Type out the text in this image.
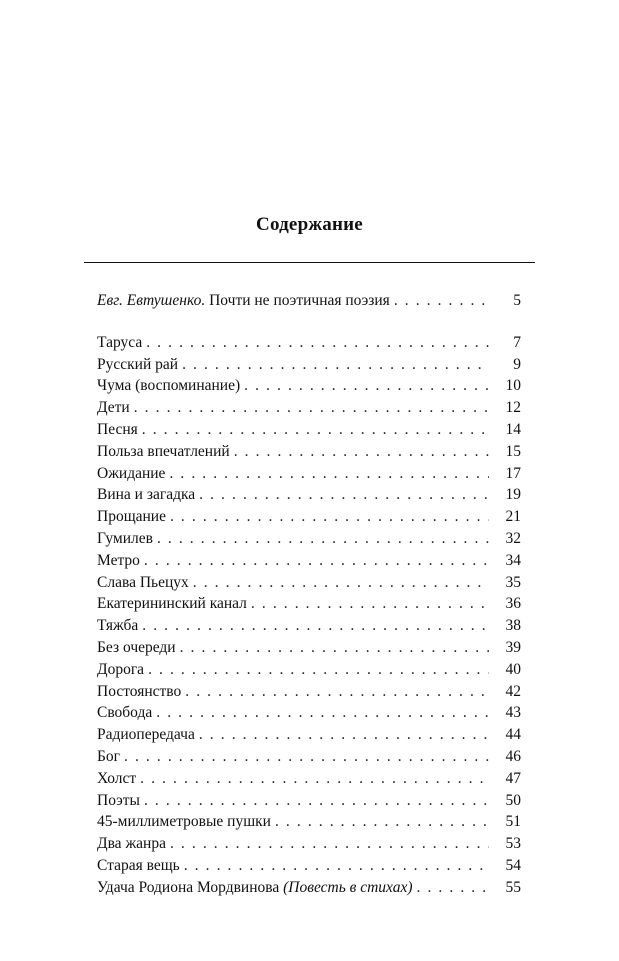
Содержание
Евг. Евтушенко. Почти не поэтичная поэзия . . .	5
Таруса . . .	7
Русский рай . . .	9
Чума (воспоминание) . . .	10
Дети . . .	12
Песня . . .	14
Польза впечатлений . . .	15
Ожидание . . .	17
Вина и загадка . . .	19
Прощание . . .	21
Гумилев . . .	32
Метро . . .	34
Слава Пьецух . . .	35
Екатерининский канал . . .	36
Тяжба . . .	38
Без очереди . . .	39
Дорога . . .	40
Постоянство . . .	42
Свобода . . .	43
Радиопередача . . .	44
Бог . . .	46
Холст . . .	47
Поэты . . .	50
45-миллиметровые пушки . . .	51
Два жанра . . .	53
Старая вещь . . .	54
Удача Родиона Мордвинова (Повесть в стихах) . . .	55
